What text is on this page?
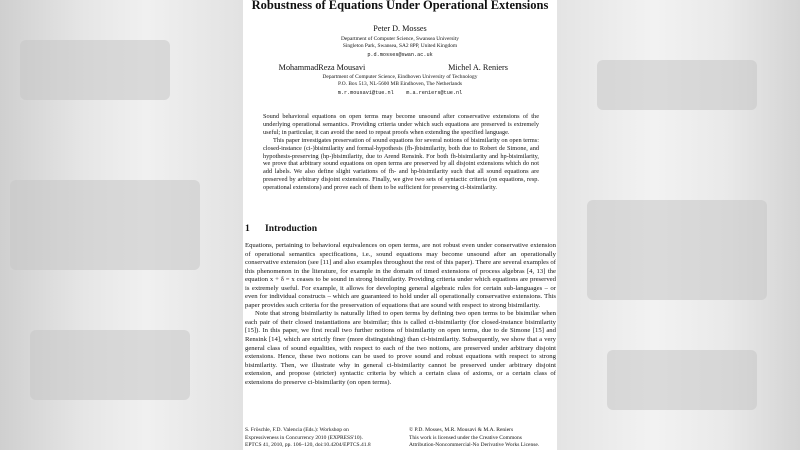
Robustness of Equations Under Operational Extensions
Peter D. Mosses
Department of Computer Science, Swansea University
Singleton Park, Swansea, SA2 8PP, United Kingdom
p.d.mosses@swan.ac.uk
MohammadReza Mousavi	Michel A. Reniers
Department of Computer Science, Eindhoven University of Technology
P.O. Box 513, NL-5600 MB Eindhoven, The Netherlands
m.r.mousavi@tue.nl m.a.reniers@tue.nl

Sound behavioral equations on open terms may become unsound after conservative extensions of the underlying operational semantics. Providing criteria under which such equations are preserved is extremely useful; in particular, it can avoid the need to repeat proofs when extending the specified language.

This paper investigates preservation of sound equations for several notions of bisimilarity on open terms: closed-instance (ci-)bisimilarity and formal-hypothesis (fh-)bisimilarity, both due to Robert de Simone, and hypothesis-preserving (hp-)bisimilarity, due to Arend Rensink. For both fh-bisimilarity and hp-bisimilarity, we prove that arbitrary sound equations on open terms are preserved by all disjoint extensions which do not add labels. We also define slight variations of fh- and hp-bisimilarity such that all sound equations are preserved by arbitrary disjoint extensions. Finally, we give two sets of syntactic criteria (on equations, resp. operational extensions) and prove each of them to be sufficient for preserving ci-bisimilarity.

1 Introduction

Equations, pertaining to behavioral equivalences on open terms, are not robust even under conservative extension of operational semantics specifications, i.e., sound equations may become unsound after an operationally conservative extension (see [11] and also examples throughout the rest of this paper). There are several examples of this phenomenon in the literature, for example in the domain of timed extensions of process algebras [4, 13] the equation x + δ = x ceases to be sound in strong bisimilarity. Providing criteria under which equations are preserved is extremely useful. For example, it allows for developing general algebraic rules for certain sub-languages – or even for individual constructs – which are guaranteed to hold under all operationally conservative extensions. This paper provides such criteria for the preservation of equations that are sound with respect to strong bisimilarity.

Note that strong bisimilarity is naturally lifted to open terms by defining two open terms to be bisimilar when each pair of their closed instantiations are bisimilar; this is called ci-bisimilarity (for closed-instance bisimilarity [15]). In this paper, we first recall two further notions of bisimilarity on open terms, due to de Simone [15] and Rensink [14], which are strictly finer (more distinguishing) than ci-bisimilarity. Subsequently, we show that a very general class of sound equalities, with respect to each of the two notions, are preserved under arbitrary disjoint extensions. Hence, these two notions can be used to prove sound and robust equations with respect to strong bisimilarity. Then, we illustrate why in general ci-bisimilarity cannot be preserved under arbitrary disjoint extension, and propose (stricter) syntactic criteria by which a certain class of axioms, or a certain class of extensions do preserve ci-bisimilarity (on open terms).

S. Fröschle, F.D. Valencia (Eds.): Workshop on
Expressiveness in Concurrency 2010 (EXPRESS'10).
EPTCS 41, 2010, pp. 106–120, doi:10.4204/EPTCS.41.8
© P.D. Mosses, M.R. Mousavi & M.A. Reniers
This work is licensed under the Creative Commons
Attribution-Noncommercial-No Derivative Works License.
